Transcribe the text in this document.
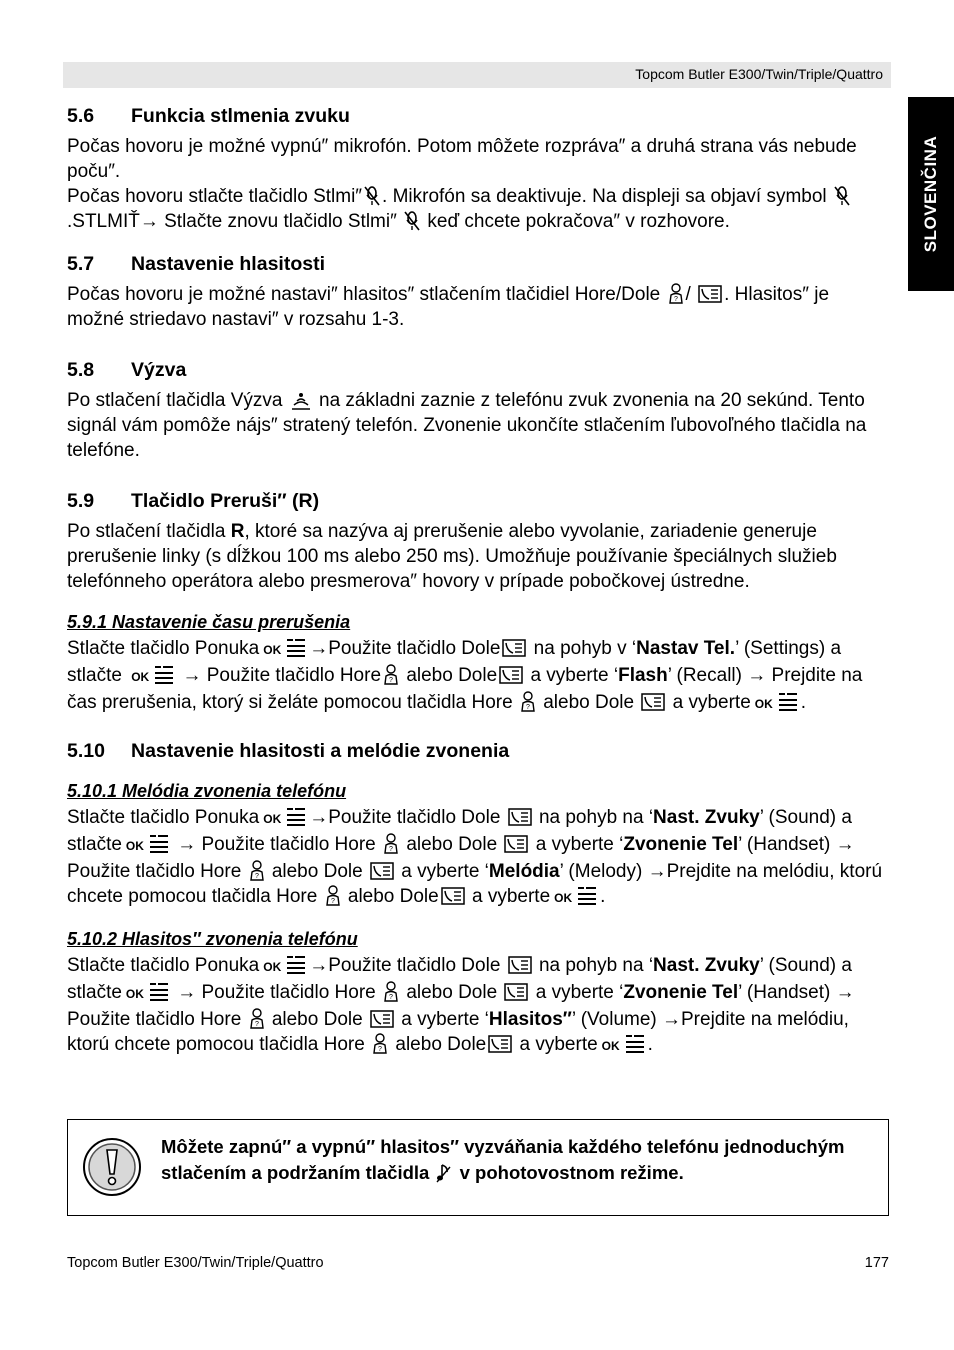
Topcom Butler E300/Twin/Triple/Quattro
SLOVENČINA
5.6 Funkcia stlmenia zvuku

Počas hovoru je možné vypnú″ mikrofón. Potom môžete rozpráva″ a druhá strana vás nebude poču″.

Počas hovoru stlačte tlačidlo Stlmi″ . Mikrofón sa deaktivuje. Na displeji sa objaví symbol .STLMIŤ→ Stlačte znovu tlačidlo Stlmi″ keď chcete pokračova″ v rozhovore.

5.7 Nastavenie hlasitosti

Počas hovoru je možné nastavi″ hlasitos″ stlačením tlačidiel Hore/Dole / . Hlasitos″ je možné striedavo nastavi″ v rozsahu 1-3.

5.8 Výzva

Po stlačení tlačidla Výzva na základni zaznie z telefónu zvuk zvonenia na 20 sekúnd. Tento signál vám pomôže nájs″ stratený telefón. Zvonenie ukončíte stlačením ľubovoľného tlačidla na telefóne.

5.9 Tlačidlo Preruši″ (R)

Po stlačení tlačidla R, ktoré sa nazýva aj prerušenie alebo vyvolanie, zariadenie generuje prerušenie linky (s dĺžkou 100 ms alebo 250 ms). Umožňuje používanie špeciálnych služieb telefónneho operátora alebo presmerova″ hovory v prípade pobočkovej ústredne.

5.9.1 Nastavenie času prerušenia

Stlačte tlačidlo Ponuka OK →Použite tlačidlo Dole na pohyb v ‘Nastav Tel.’ (Settings) a stlačte OK → Použite tlačidlo Hore alebo Dole a vyberte ‘Flash’ (Recall) → Prejdite na čas prerušenia, ktorý si želáte pomocou tlačidla Hore alebo Dole a vyberte OK .

5.10 Nastavenie hlasitosti a melódie zvonenia
5.10.1 Melódia zvonenia telefónu

Stlačte tlačidlo Ponuka OK →Použite tlačidlo Dole na pohyb na ‘Nast. Zvuky’ (Sound) a stlačte OK → Použite tlačidlo Hore alebo Dole a vyberte ‘Zvonenie Tel’ (Handset) → Použite tlačidlo Hore alebo Dole a vyberte ‘Melódia’ (Melody) →Prejdite na melódiu, ktorú chcete pomocou tlačidla Hore alebo Dole a vyberte OK .

5.10.2 Hlasitos″ zvonenia telefónu

Stlačte tlačidlo Ponuka OK →Použite tlačidlo Dole na pohyb na ‘Nast. Zvuky’ (Sound) a stlačte OK → Použite tlačidlo Hore alebo Dole a vyberte ‘Zvonenie Tel’ (Handset) → Použite tlačidlo Hore alebo Dole a vyberte ‘Hlasitos″’ (Volume) →Prejdite na melódiu, ktorú chcete pomocou tlačidla Hore alebo Dole a vyberte OK .

Môžete zapnú″ a vypnú″ hlasitos″ vyzváňania každého telefónu jednoduchým stlačením a podržaním tlačidla v pohotovostnom režime.
Topcom Butler E300/Twin/Triple/Quattro	177
